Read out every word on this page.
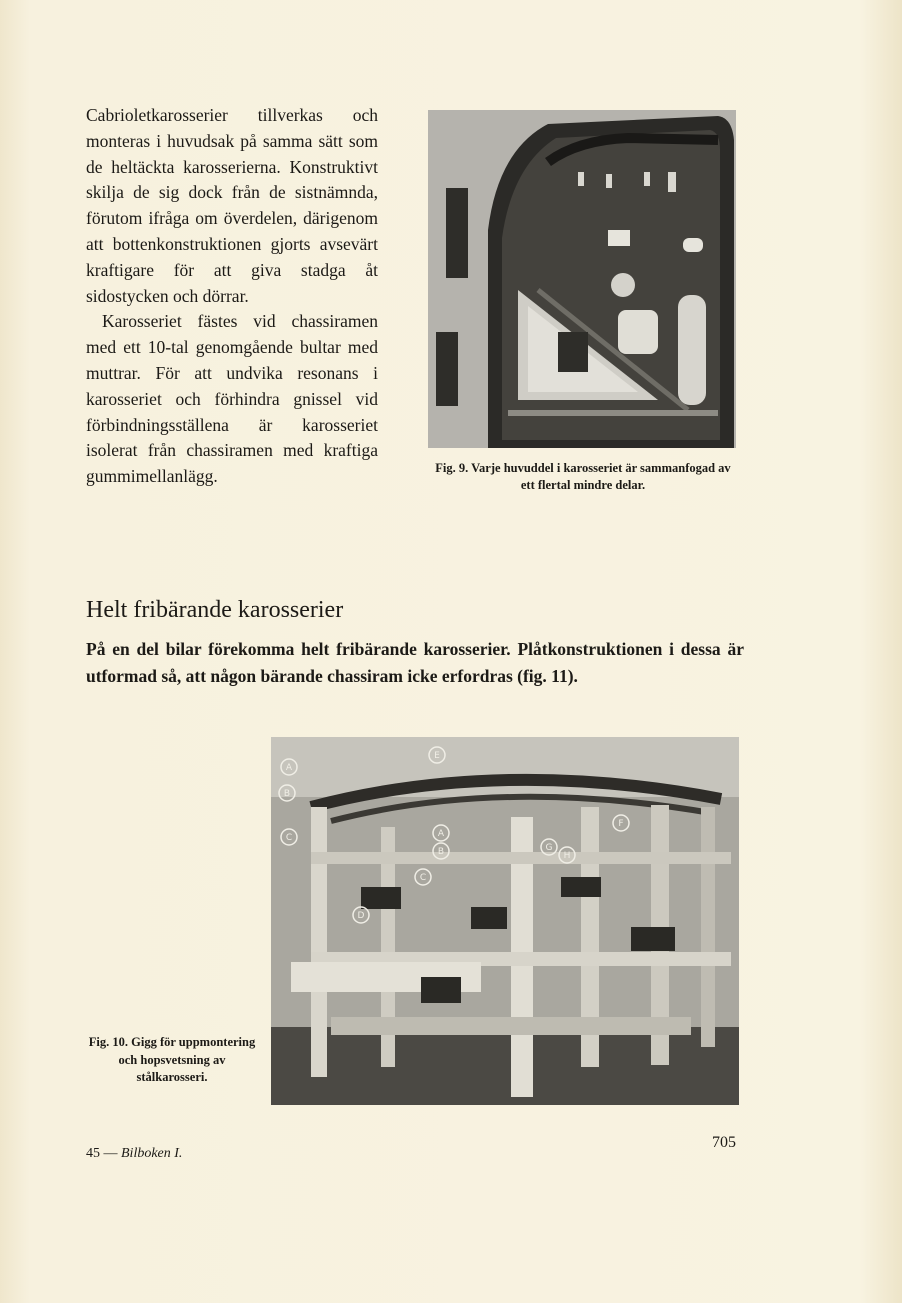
Cabrioletkarosserier tillverkas och monteras i huvudsak på samma sätt som de heltäckta karosserierna. Konstruktivt skilja de sig dock från de sistnämnda, förutom ifråga om överdelen, därigenom att bottenkonstruktionen gjorts avsevärt kraftigare för att giva stadga åt sidostycken och dörrar.

Karosseriet fästes vid chassiramen med ett 10-tal genomgående bultar med muttrar. För att undvika resonans i karosseriet och förhindra gnissel vid förbindningsställena är karosseriet isolerat från chassiramen med kraftiga gummimellanlägg.	Fig. 9. Varje huvuddel i karosseriet är sammanfogad av ett flertal mindre delar.
Helt fribärande karosserier

På en del bilar förekomma helt fribärande karosserier. Plåtkonstruktionen i dessa är utformad så, att någon bärande chassiram icke erfordras (fig. 11).

A
B
C
D
E
F
A
B
C
G
H
Fig. 10. Gigg för uppmontering och hopsvetsning av stålkarosseri.
45 — Bilboken I.
705
